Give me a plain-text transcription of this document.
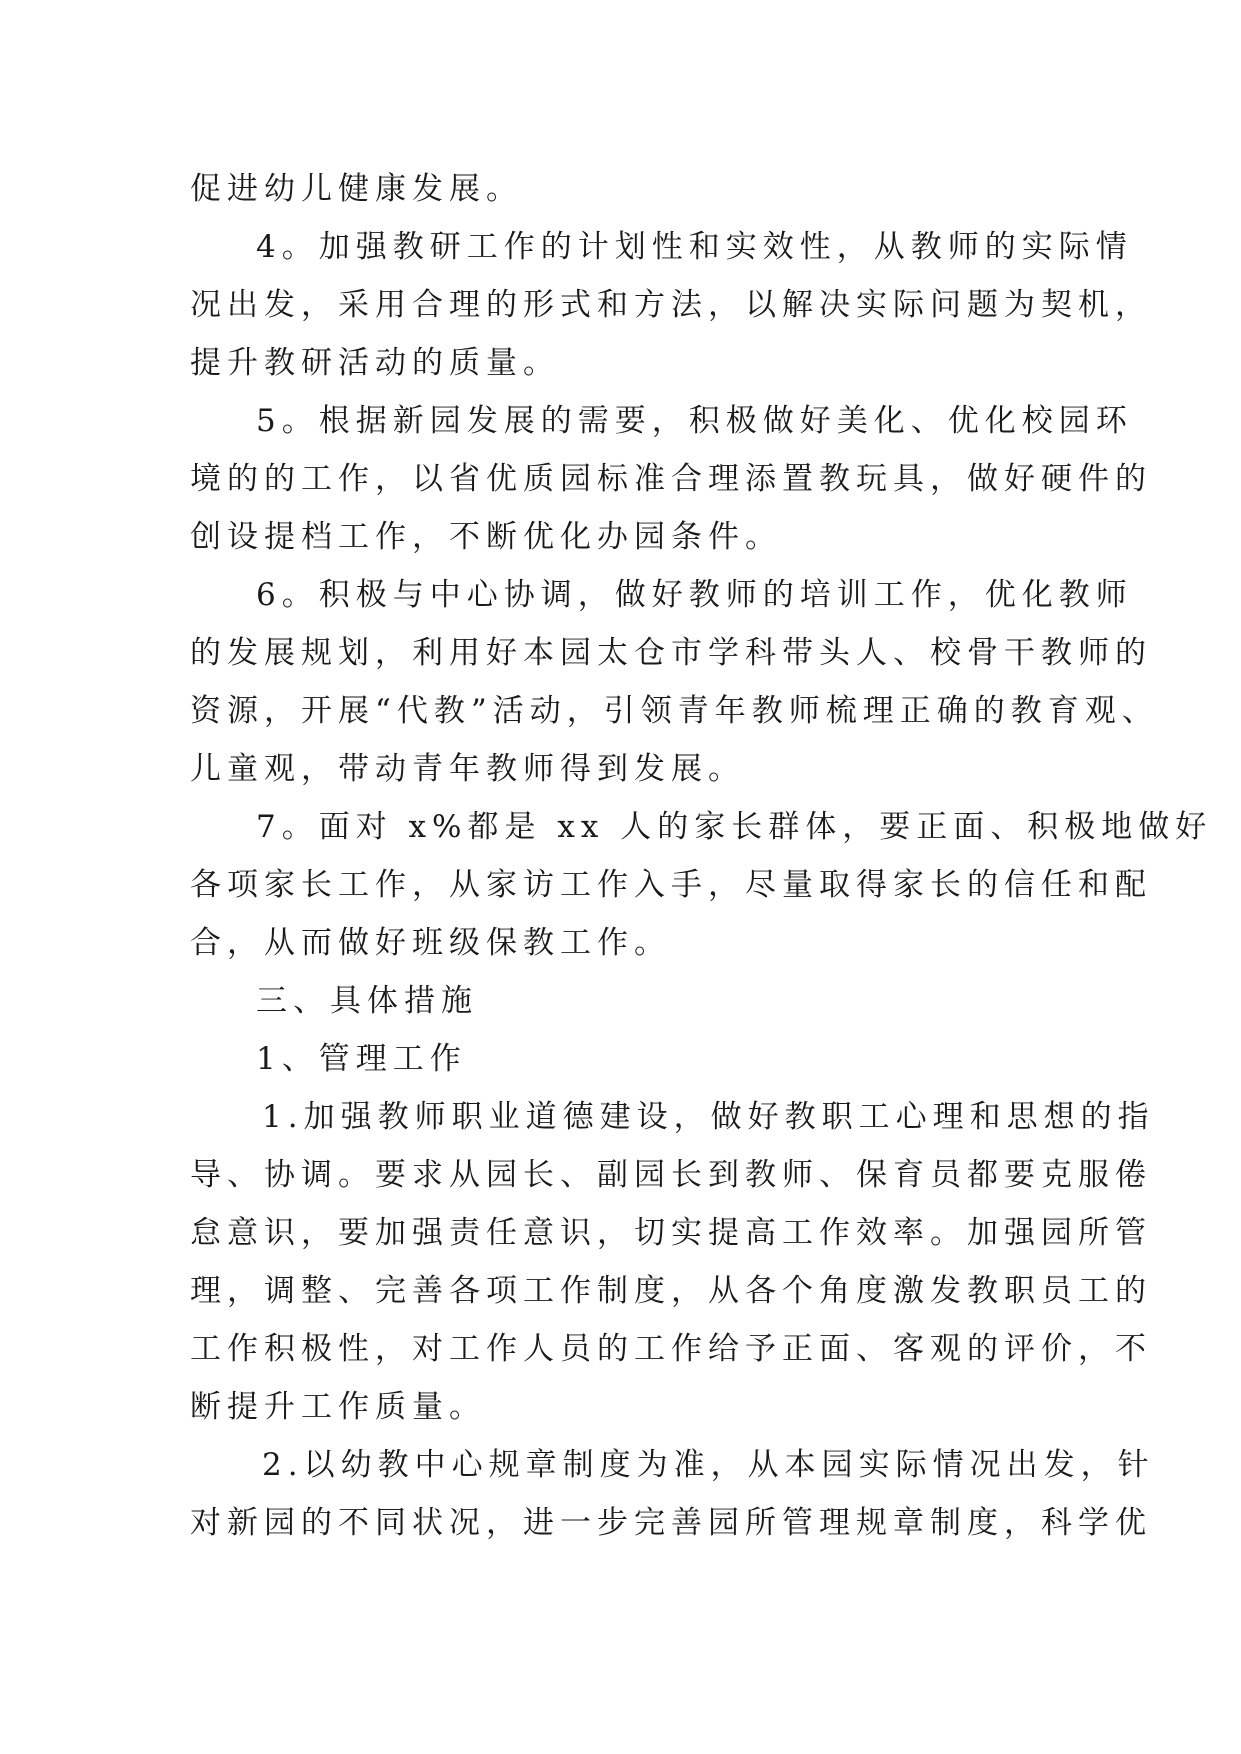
促进幼儿健康发展。
4。加强教研工作的计划性和实效性，从教师的实际情
况出发，采用合理的形式和方法，以解决实际问题为契机，
提升教研活动的质量。
5。根据新园发展的需要，积极做好美化、优化校园环
境的的工作，以省优质园标准合理添置教玩具，做好硬件的
创设提档工作，不断优化办园条件。
6。积极与中心协调，做好教师的培训工作，优化教师
的发展规划，利用好本园太仓市学科带头人、校骨干教师的
资源，开展“代教”活动，引领青年教师梳理正确的教育观、
儿童观，带动青年教师得到发展。
7。面对 x%都是 xx 人的家长群体，要正面、积极地做好
各项家长工作，从家访工作入手，尽量取得家长的信任和配
合，从而做好班级保教工作。
三、具体措施
1、管理工作
1.加强教师职业道德建设，做好教职工心理和思想的指
导、协调。要求从园长、副园长到教师、保育员都要克服倦
怠意识，要加强责任意识，切实提高工作效率。加强园所管
理，调整、完善各项工作制度，从各个角度激发教职员工的
工作积极性，对工作人员的工作给予正面、客观的评价，不
断提升工作质量。
2.以幼教中心规章制度为准，从本园实际情况出发，针
对新园的不同状况，进一步完善园所管理规章制度，科学优
